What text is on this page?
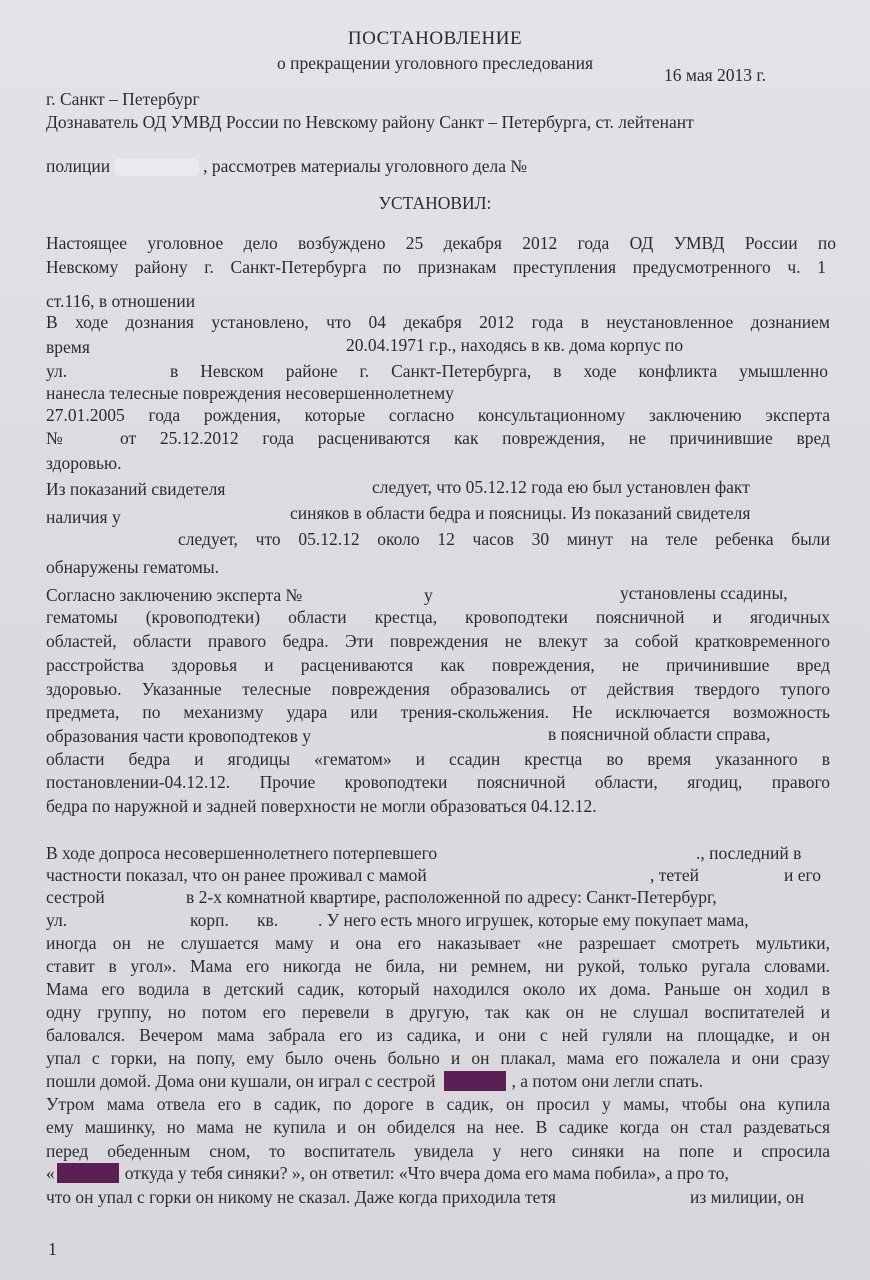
ПОСТАНОВЛЕНИЕ
о прекращении уголовного преследования
16 мая 2013 г.
г. Санкт – Петербург
Дознаватель ОД УМВД России по Невскому району Санкт – Петербурга, ст. лейтенант
полиции	, рассмотрев материалы уголовного дела №
УСТАНОВИЛ:
Настоящее уголовное дело возбуждено 25 декабря 2012 года ОД УМВД России по
Невскому району г. Санкт-Петербурга по признакам преступления предусмотренного ч. 1
ст.116, в отношении
В ходе дознания установлено, что 04 декабря 2012 года в неустановленное дознанием
время	20.04.1971 г.р., находясь в кв. дома корпус по
ул.	в Невском районе г. Санкт-Петербурга, в ходе конфликта умышленно
нанесла телесные повреждения несовершеннолетнему
27.01.2005 года рождения, которые согласно консультационному заключению эксперта
№	от 25.12.2012 года расцениваются как повреждения, не причинившие вред
здоровью.
Из показаний свидетеля	следует, что 05.12.12 года ею был установлен факт
наличия у	синяков в области бедра и поясницы. Из показаний свидетеля
следует, что 05.12.12 около 12 часов 30 минут на теле ребенка были
обнаружены гематомы.
Согласно заключению эксперта №	у	установлены ссадины,
гематомы (кровоподтеки) области крестца, кровоподтеки поясничной и ягодичных
областей, области правого бедра. Эти повреждения не влекут за собой кратковременного
расстройства здоровья и расцениваются как повреждения, не причинившие вред
здоровью. Указанные телесные повреждения образовались от действия твердого тупого
предмета, по механизму удара или трения-скольжения. Не исключается возможность
образования части кровоподтеков у	в поясничной области справа,
области бедра и ягодицы «гематом» и ссадин крестца во время указанного в
постановлении-04.12.12. Прочие кровоподтеки поясничной области, ягодиц, правого
бедра по наружной и задней поверхности не могли образоваться 04.12.12.
В ходе допроса несовершеннолетнего потерпевшего	., последний в
частности показал, что он ранее проживал с мамой	, тетей	и его
сестрой	в 2-х комнатной квартире, расположенной по адресу: Санкт-Петербург,
ул.	корп. кв. . У него есть много игрушек, которые ему покупает мама,
иногда он не слушается маму и она его наказывает «не разрешает смотреть мультики,
ставит в угол». Мама его никогда не била, ни ремнем, ни рукой, только ругала словами.
Мама его водила в детский садик, который находился около их дома. Раньше он ходил в
одну группу, но потом его перевели в другую, так как он не слушал воспитателей и
баловался. Вечером мама забрала его из садика, и они с ней гуляли на площадке, и он
упал с горки, на попу, ему было очень больно и он плакал, мама его пожалела и они сразу
пошли домой. Дома они кушали, он играл с сестрой	, а потом они легли спать.
Утром мама отвела его в садик, по дороге в садик, он просил у мамы, чтобы она купила
ему машинку, но мама не купила и он обиделся на нее. В садике когда он стал раздеваться
перед обеденным сном, то воспитатель увидела у него синяки на попе и спросила
«	откуда у тебя синяки? », он ответил: «Что вчера дома его мама побила», а про то,
что он упал с горки он никому не сказал. Даже когда приходила тетя	из милиции, он
1
